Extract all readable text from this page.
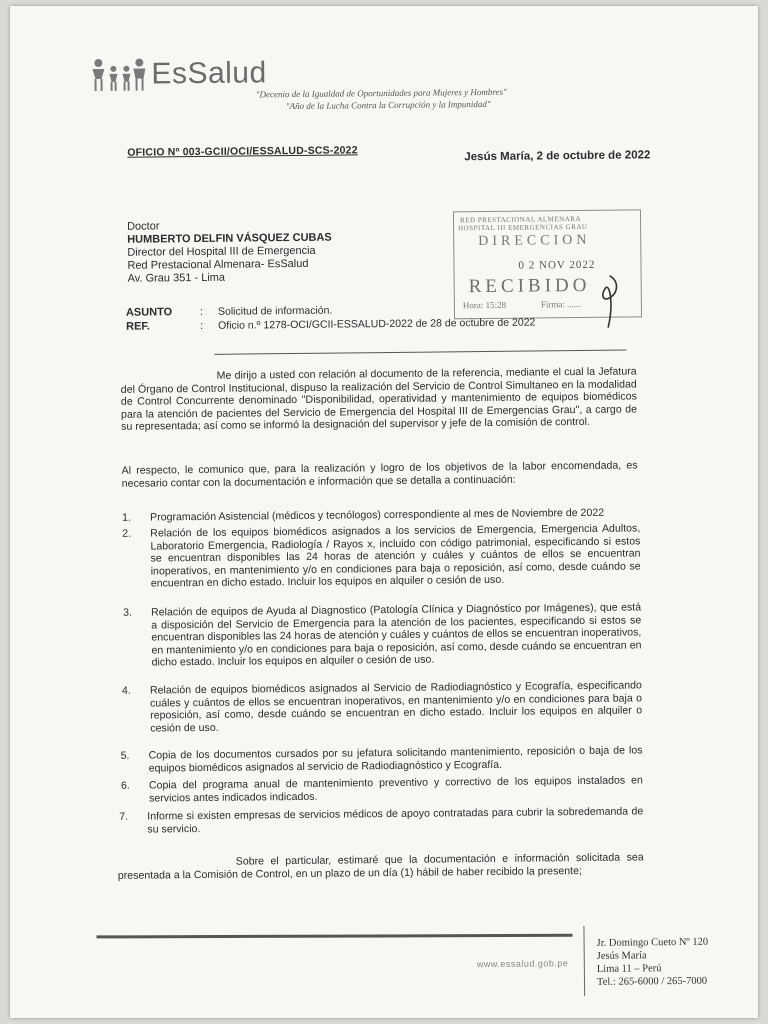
EsSalud
"Decenio de la Igualdad de Oportunidades para Mujeres y Hombres"
"Año de la Lucha Contra la Corrupción y la Impunidad"
OFICIO Nº 003-GCII/OCI/ESSALUD-SCS-2022	Jesús María, 2 de octubre de 2022
Doctor
HUMBERTO DELFIN VÁSQUEZ CUBAS
Director del Hospital III de Emergencia
Red Prestacional Almenara- EsSalud
Av. Grau 351 - Lima
RED PRESTACIONAL ALMENARA
HOSPITAL III EMERGENCIAS GRAU
DIRECCION
0 2 NOV 2022
RECIBIDO
Hora: 15:28	Firma: ......
ASUNTO	: Solicitud de información.
REF.	: Oficio n.º 1278-OCI/GCII-ESSALUD-2022 de 28 de octubre de 2022
Me dirijo a usted con relación al documento de la referencia, mediante el cual la Jefatura del Órgano de Control Institucional, dispuso la realización del Servicio de Control Simultaneo en la modalidad de Control Concurrente denominado "Disponibilidad, operatividad y mantenimiento de equipos biomédicos para la atención de pacientes del Servicio de Emergencia del Hospital III de Emergencias Grau", a cargo de su representada; así como se informó la designación del supervisor y jefe de la comisión de control.
Al respecto, le comunico que, para la realización y logro de los objetivos de la labor encomendada, es necesario contar con la documentación e información que se detalla a continuación:
1. Programación Asistencial (médicos y tecnólogos) correspondiente al mes de Noviembre de 2022
2. Relación de los equipos biomédicos asignados a los servicios de Emergencia, Emergencia Adultos, Laboratorio Emergencia, Radiología / Rayos x, incluido con código patrimonial, especificando si estos se encuentran disponibles las 24 horas de atención y cuáles y cuántos de ellos se encuentran inoperativos, en mantenimiento y/o en condiciones para baja o reposición, así como, desde cuándo se encuentran en dicho estado. Incluir los equipos en alquiler o cesión de uso.
3. Relación de equipos de Ayuda al Diagnostico (Patología Clínica y Diagnóstico por Imágenes), que está a disposición del Servicio de Emergencia para la atención de los pacientes, especificando si estos se encuentran disponibles las 24 horas de atención y cuáles y cuántos de ellos se encuentran inoperativos, en mantenimiento y/o en condiciones para baja o reposición, así como, desde cuándo se encuentran en dicho estado. Incluir los equipos en alquiler o cesión de uso.
4. Relación de equipos biomédicos asignados al Servicio de Radiodiagnóstico y Ecografía, especificando cuáles y cuántos de ellos se encuentran inoperativos, en mantenimiento y/o en condiciones para baja o reposición, así como, desde cuándo se encuentran en dicho estado. Incluir los equipos en alquiler o cesión de uso.
5. Copia de los documentos cursados por su jefatura solicitando mantenimiento, reposición o baja de los equipos biomédicos asignados al servicio de Radiodiagnóstico y Ecografía.
6. Copia del programa anual de mantenimiento preventivo y correctivo de los equipos instalados en servicios antes indicados indicados.
7. Informe si existen empresas de servicios médicos de apoyo contratadas para cubrir la sobredemanda de su servicio.
Sobre el particular, estimaré que la documentación e información solicitada sea presentada a la Comisión de Control, en un plazo de un día (1) hábil de haber recibido la presente;
www.essalud.gob.pe
Jr. Domingo Cueto Nº 120
Jesús María
Lima 11 – Perú
Tel.: 265-6000 / 265-7000
